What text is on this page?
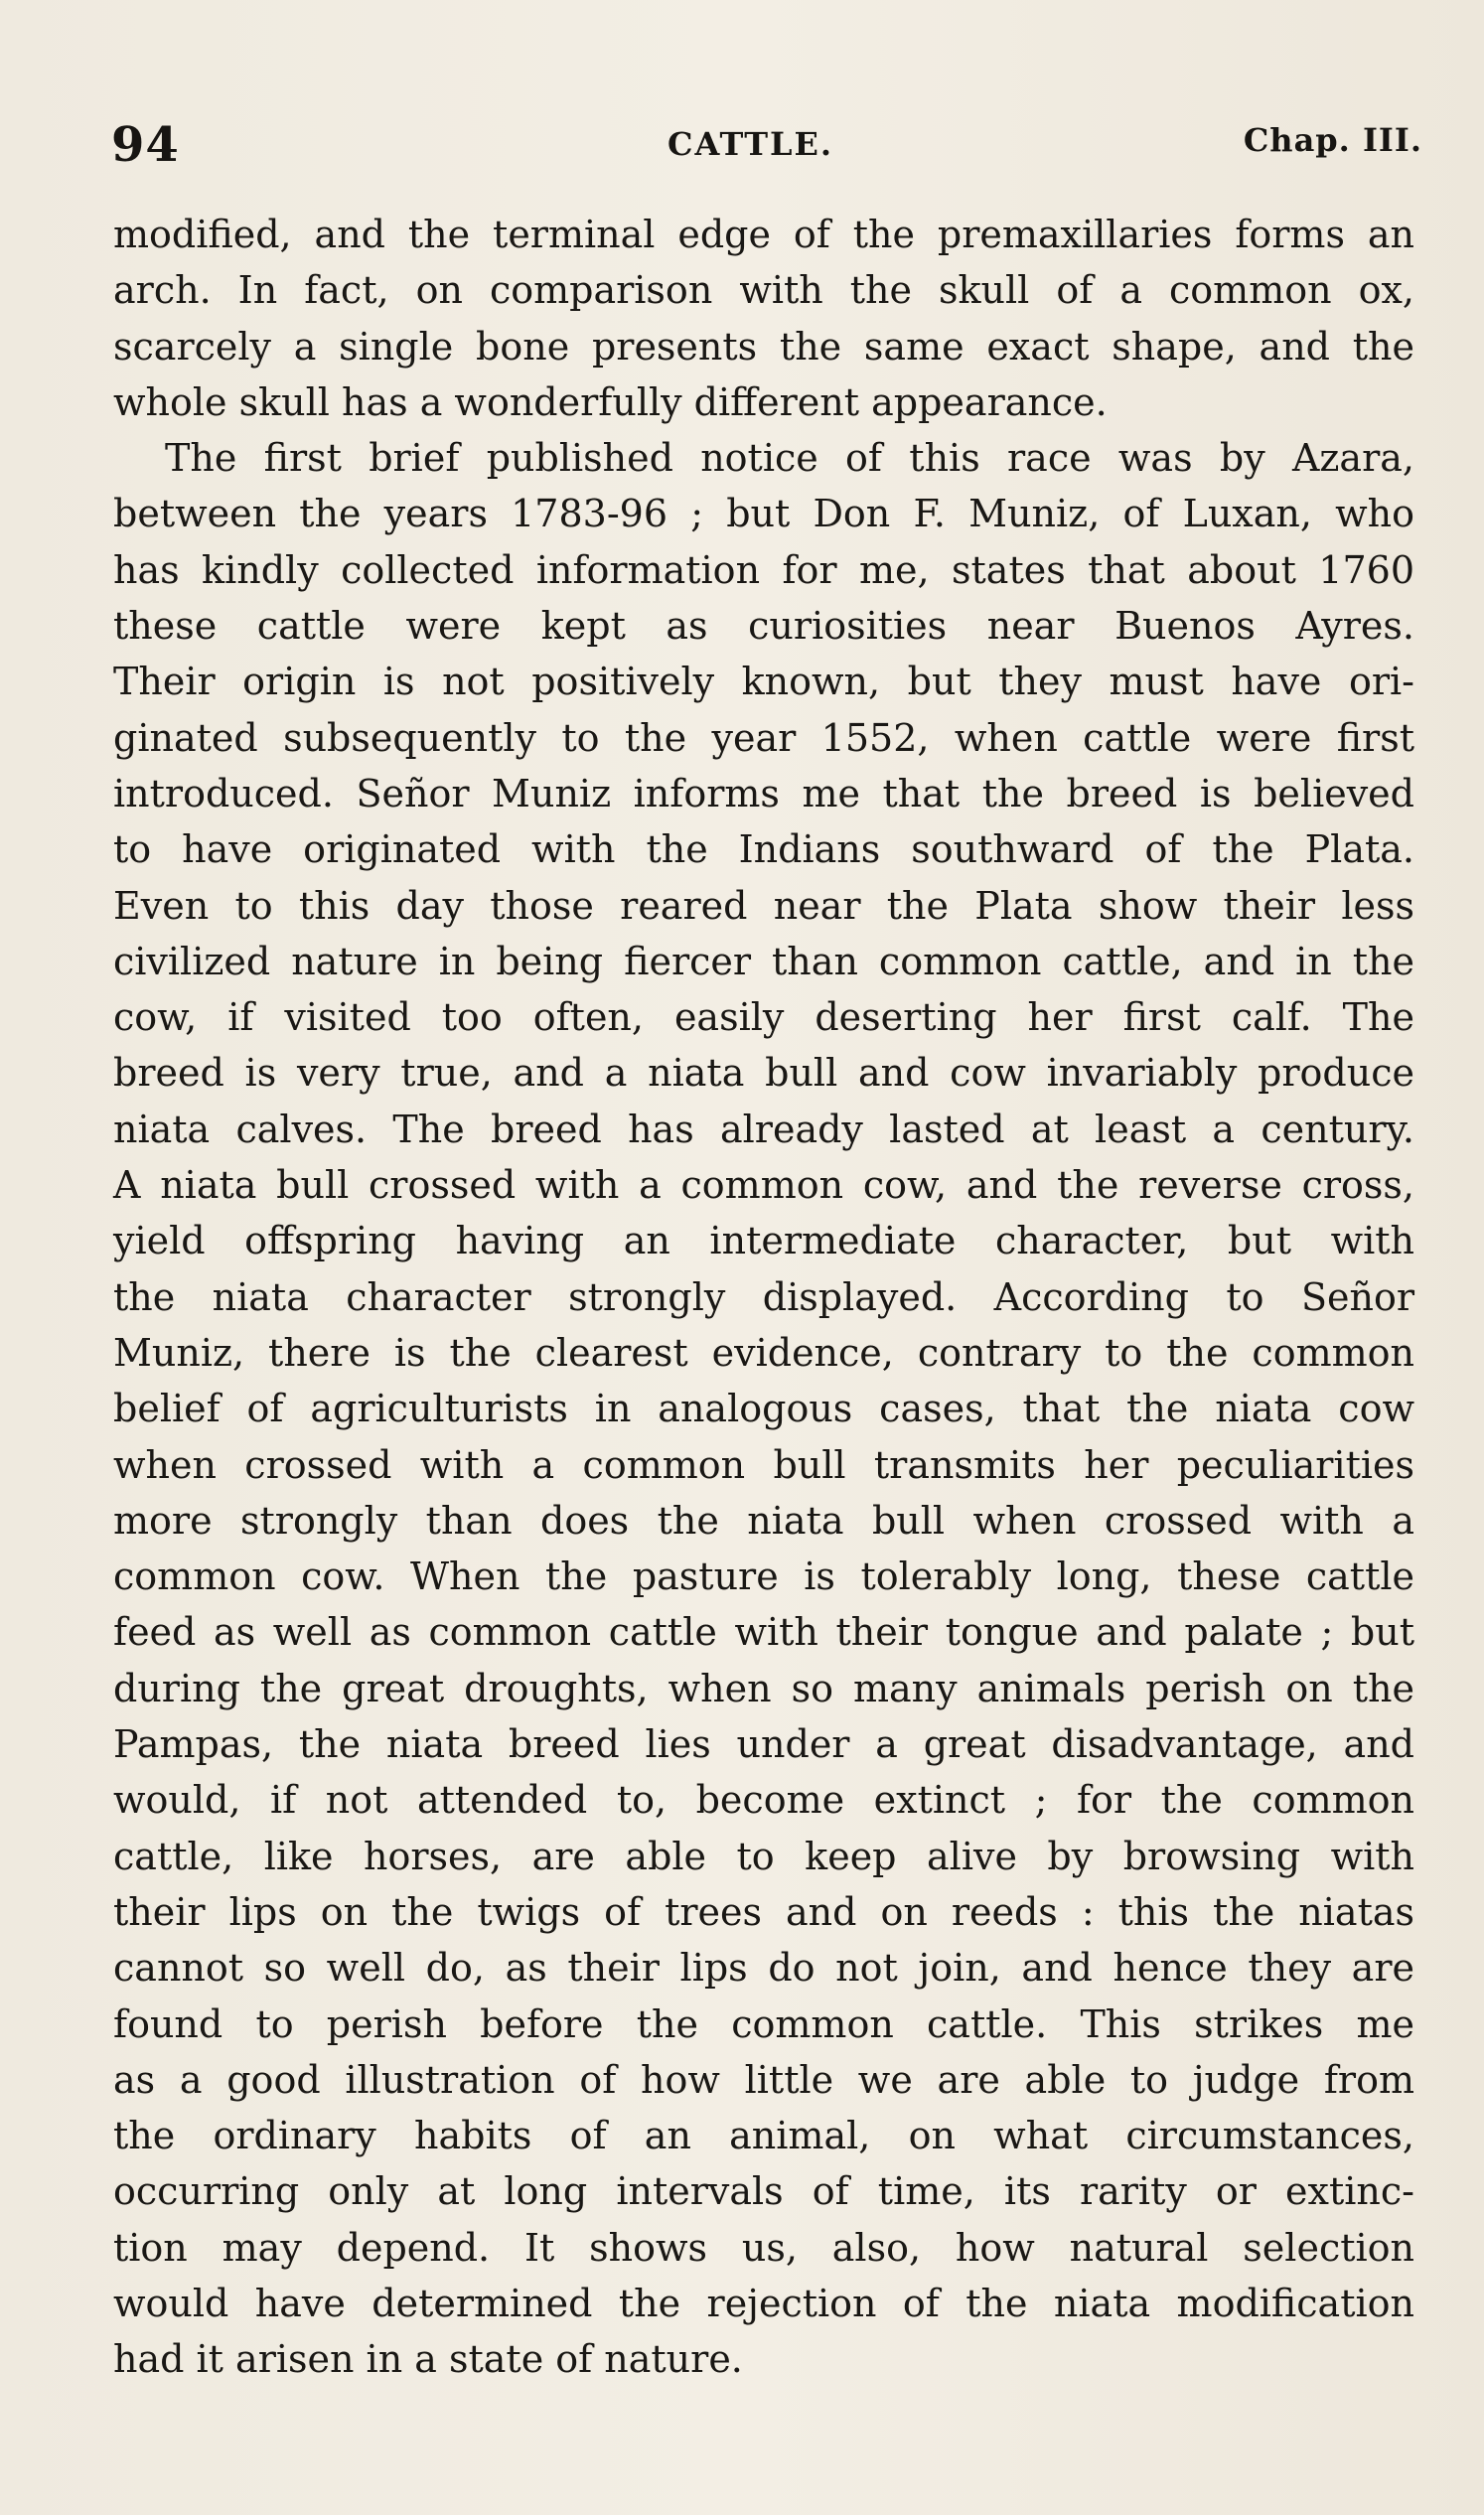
94	CATTLE.	Chap. III.
modified, and the terminal edge of the premaxillaries forms an
arch. In fact, on comparison with the skull of a common ox,
scarcely a single bone presents the same exact shape, and the
whole skull has a wonderfully different appearance.
The first brief published notice of this race was by Azara,
between the years 1783-96 ; but Don F. Muniz, of Luxan, who
has kindly collected information for me, states that about 1760
these cattle were kept as curiosities near Buenos Ayres.
Their origin is not positively known, but they must have ori-
ginated subsequently to the year 1552, when cattle were first
introduced. Señor Muniz informs me that the breed is believed
to have originated with the Indians southward of the Plata.
Even to this day those reared near the Plata show their less
civilized nature in being fiercer than common cattle, and in the
cow, if visited too often, easily deserting her first calf. The
breed is very true, and a niata bull and cow invariably produce
niata calves. The breed has already lasted at least a century.
A niata bull crossed with a common cow, and the reverse cross,
yield offspring having an intermediate character, but with
the niata character strongly displayed. According to Señor
Muniz, there is the clearest evidence, contrary to the common
belief of agriculturists in analogous cases, that the niata cow
when crossed with a common bull transmits her peculiarities
more strongly than does the niata bull when crossed with a
common cow. When the pasture is tolerably long, these cattle
feed as well as common cattle with their tongue and palate ; but
during the great droughts, when so many animals perish on the
Pampas, the niata breed lies under a great disadvantage, and
would, if not attended to, become extinct ; for the common
cattle, like horses, are able to keep alive by browsing with
their lips on the twigs of trees and on reeds : this the niatas
cannot so well do, as their lips do not join, and hence they are
found to perish before the common cattle. This strikes me
as a good illustration of how little we are able to judge from
the ordinary habits of an animal, on what circumstances,
occurring only at long intervals of time, its rarity or extinc-
tion may depend. It shows us, also, how natural selection
would have determined the rejection of the niata modification
had it arisen in a state of nature.
